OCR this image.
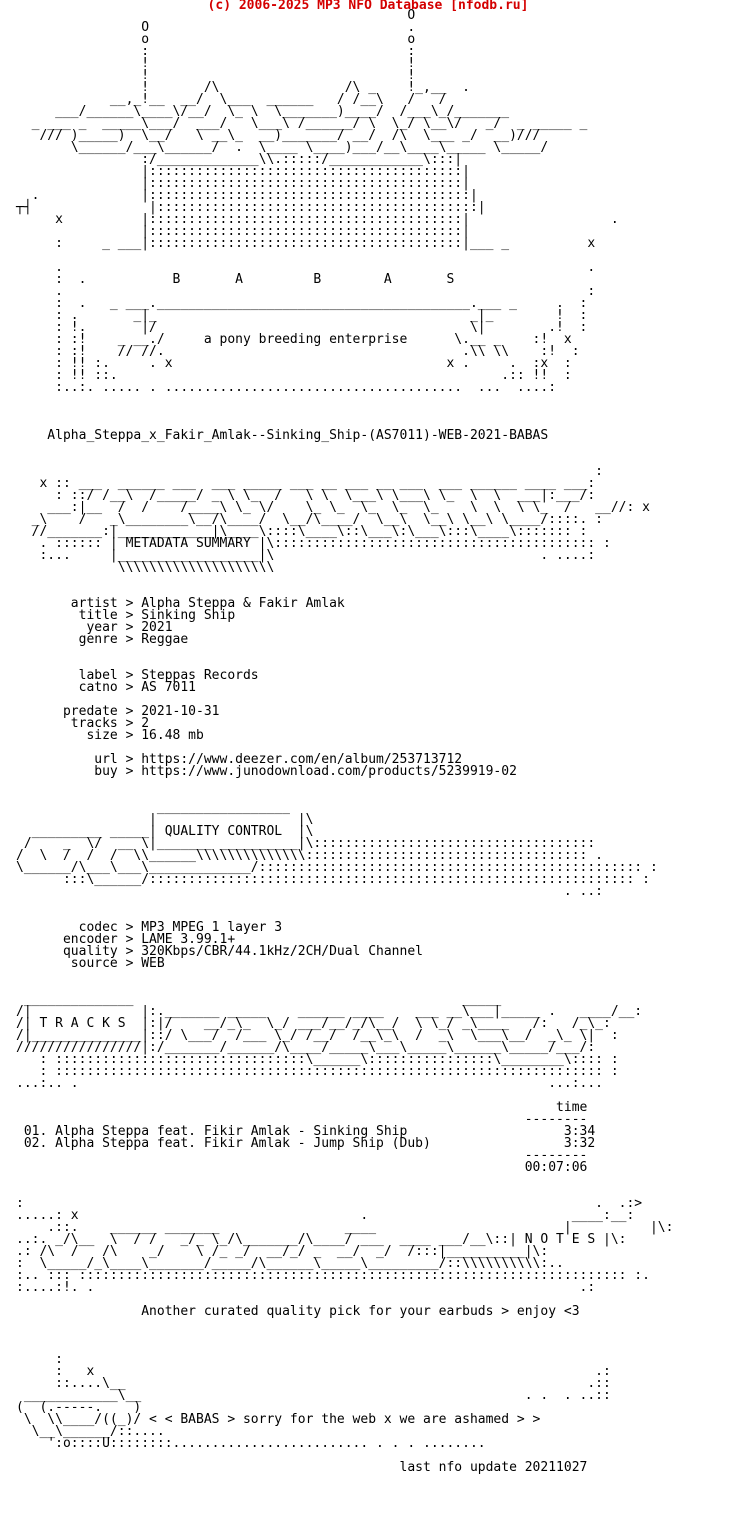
(c) 2006-2025 MP3 NFO Database [nfodb.ru]
O
O                                 .
o                                 o
:                                 :
!                                 !
!                                 !
!       /\                /\ _    !_,__  .
__,_!__  __/  \___  ______   / /__\   /   /
___/______\____\/__/  \_ \  \_______)____/  /___\_/_______
_ ___ _  _____\___/  ___/   \___\ /______/ \  \_/ \__\/   _/  _ _____ _
/// )_____)  \__/   \ __\_  __)_______/ __/  /\  \___ _/  __)///
\______/___\______/  .  \____ \____)___/__\____\_____ \_____/
:/_____________\\.:::::/____________\:::|
|::::::::::::::::::::::::::::::::::::::::|
|::::::::::::::::::::::::::::::::::::::::|
.             |:::::::::::::::::::::::::::::::::::::::::|
┬┤               |:::::::::::::::::::::::::::::::::::::::::|
x          |::::::::::::::::::::::::::::::::::::::::|                  .
|::::::::::::::::::::::::::::::::::::::::|
:     _ ___|::::::::::::::::::::::::::::::::::::::::|___ _          x

.                                                                   .
:  .           B       A         B        A       S
.                                                                   :
:  .   _ ___.________________________________________.___ _     .  :
: .       _|_                                        _|_        !  :
: !.       |/                                        \|        .!  :
: :!    _ __./     a pony breeding enterprise      \.__ _    :!  x
: :!    // //.                                      .\\ \\    :!  :
: !! :.     . x                                   x .     .  :x  :
: !! ::.                                                 .:: !!  :
:..:. ..... . ......................................  ...  ....:

Alpha_Steppa_x_Fakir_Amlak--Sinking_Ship-(AS7011)-WEB-2021-BABAS

:
x :: ___  ______ ___  ___ _____ ___ __ ___ __ ___  ___ ______ ____ ___:
: ::/ /__\  /_____/ _ \ \_  /   \ \  \___\ \___\ \_  \  \  ___|:___/:
___:|__  /  /    /____\ \_ \/    \_ \_  \_  \_  \_    \  \  \ \_  /   __//: x
_\    /   _\________\__/\____/  \__/\____/  \__\  \__\ \__\ \____/::::. :
//_______:|____________|\____\::::\____\::\___\:\___\:::\____\::::::: :
. :::::: | METADATA SUMMARY |\::::::::::::::::::::::::::::::::::::::::: :
:...     |__________________|\                                  . ....:
\\\\\\\\\\\\\\\\\\\\

artist > Alpha Steppa & Fakir Amlak
title > Sinking Ship
year > 2021
genre > Reggae

label > Steppas Records
catno > AS 7011

predate > 2021-10-31
tracks > 2
size > 16.48 mb

url > https://www.deezer.com/en/album/253713712
buy > https://www.junodownload.com/products/5239919-02

_________________
|                  |\
_________ _____| QUALITY CONTROL  |\
/    _  \/  __ \|_______ __________|\::::::::::::::::::::::::::::::::::::
/  \  /  /  /  \\______\\\\\\\\\\\\\\:::::::::::::::::::::::::::::::::::: .
\______/\___\___\_____________/::::::::::::::::::::::::::::::::::::::::::::::::: :
:::\______/:::::::::::::::::::::::::::::::::::::::::::::::::::::::::::::: :
. ..:

codec > MP3 MPEG 1 layer 3
encoder > LAME 3.99.1+
quality > 320Kbps/CBR/44.1kHz/2CH/Dual Channel
source > WEB

______________                                          _____
/|              |:._______ _____    ______ ____    ___ __\___|_____ .   ____/__:
/| T R A C K S  |:|/    __/_\_  \_/ ___/__/_/\__/  \ \_/ _\____   /:   /_\_:
/|______________|::/ \___/  /___ \_/ /__/  /__\_\  /  _\  \___\__/  _\_ \|  :
////////////////|:/_______/______/\____/_____\___\_____\______\_____/___/:
: ::::::::::::::::::::::::::::::::\______\::::::::::::::::\________\:::: :
: :::::::::::::::::::::::::::::::::::::::::::::::::::::::::::::::::::::: :
...:.. .                                                            ...:...

time
--------
01. Alpha Steppa feat. Fikir Amlak - Sinking Ship                    3:34
02. Alpha Steppa feat. Fikir Amlak - Jump Ship (Dub)                 3:32
--------
00:07:06

:                                                                         .  .:>
.....: x                                    .                          ____:__:
.::.    ______ _______                ____                        |          |\:
..:. _/\__  \  / /   _/_ \_/\_______/\____/ ___  ____ ___/__\::| N O T E S |\:
.: /\  /   /\    _/    \ /_ _/  __/_/ _  __/  _/  /:::|__________|\:
:  \_____/_\____\_______/_____/\______\_____\_________/::\\\\\\\\\\:..
:.. ::: :::::::::::::::::::::::::::::::::::::::::::::::::::::::::::::::::::::: :.
:....:!. .                                                              .:

Another curated quality pick for your earbuds > enjoy <3

:
:   x                                                                .:
::....\__                                                           .::
____________\__                                                 . .  . ..::
(  (.-----.    )
\  \\____/((_)/ < < BABAS > sorry for the web x we are ashamed > >
\__\______/::....
':o::::U::::::::......................... . . . ........

last nfo update 20211027
